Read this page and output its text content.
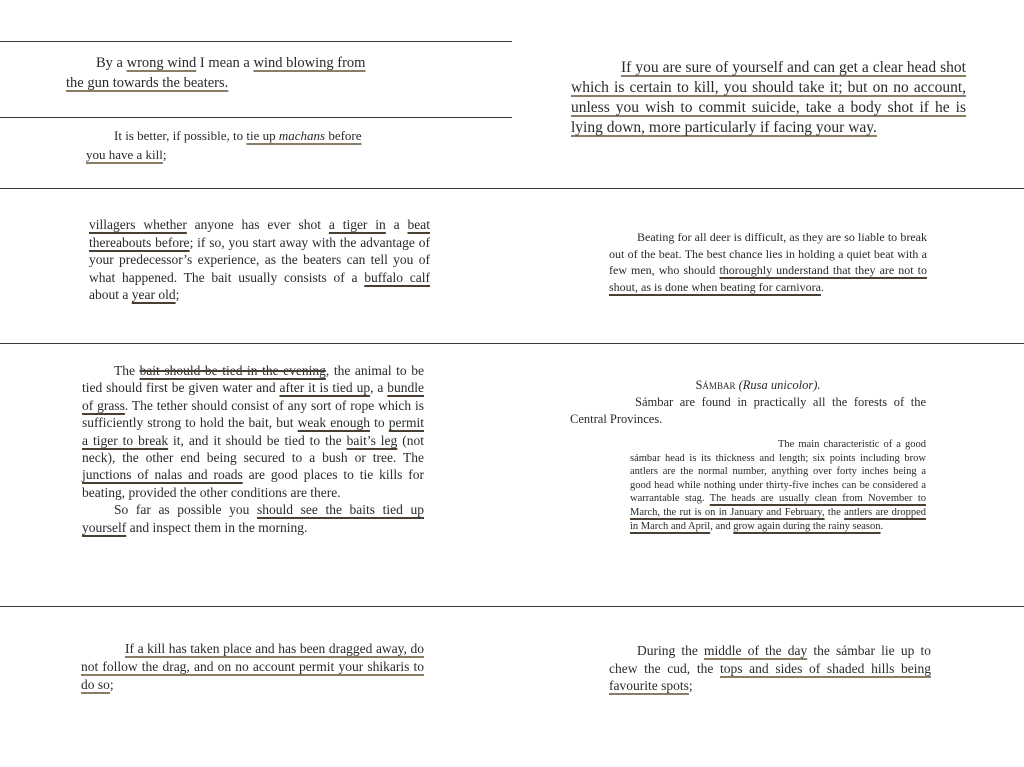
By a wrong wind I mean a wind blowing from
the gun towards the beaters.

It is better, if possible, to tie up machans before
you have a kill;

If you are sure of yourself and can get a clear head shot which is certain to kill, you should take it; but on no account, unless you wish to commit suicide, take a body shot if he is lying down, more particularly if facing your way.

villagers whether anyone has ever shot a tiger in a beat thereabouts before; if so, you start away with the advantage of your predecessor’s experience, as the beaters can tell you of what happened. The bait usually consists of a buffalo calf about a year old;

Beating for all deer is difficult, as they are so liable to break out of the beat. The best chance lies in holding a quiet beat with a few men, who should thoroughly understand that they are not to shout, as is done when beating for carnivora.

The bait should be tied in the evening, the animal to be tied should first be given water and after it is tied up, a bundle of grass. The tether should consist of any sort of rope which is sufficiently strong to hold the bait, but weak enough to permit a tiger to break it, and it should be tied to the bait’s leg (not neck), the other end being secured to a bush or tree. The junctions of nalas and roads are good places to tie kills for beating, provided the other conditions are there.

So far as possible you should see the baits tied up yourself and inspect them in the morning.

Sámbar (Rusa unicolor).

Sámbar are found in practically all the forests of the Central Provinces.

The main characteristic of a good sámbar head is its thickness and length; six points including brow antlers are the normal number, anything over forty inches being a good head while nothing under thirty-five inches can be considered a warrantable stag. The heads are usually clean from November to March, the rut is on in January and February, the antlers are dropped in March and April, and grow again during the rainy season.

If a kill has taken place and has been dragged away, do not follow the drag, and on no account permit your shikaris to do so;

During the middle of the day the sámbar lie up to chew the cud, the tops and sides of shaded hills being favourite spots;
